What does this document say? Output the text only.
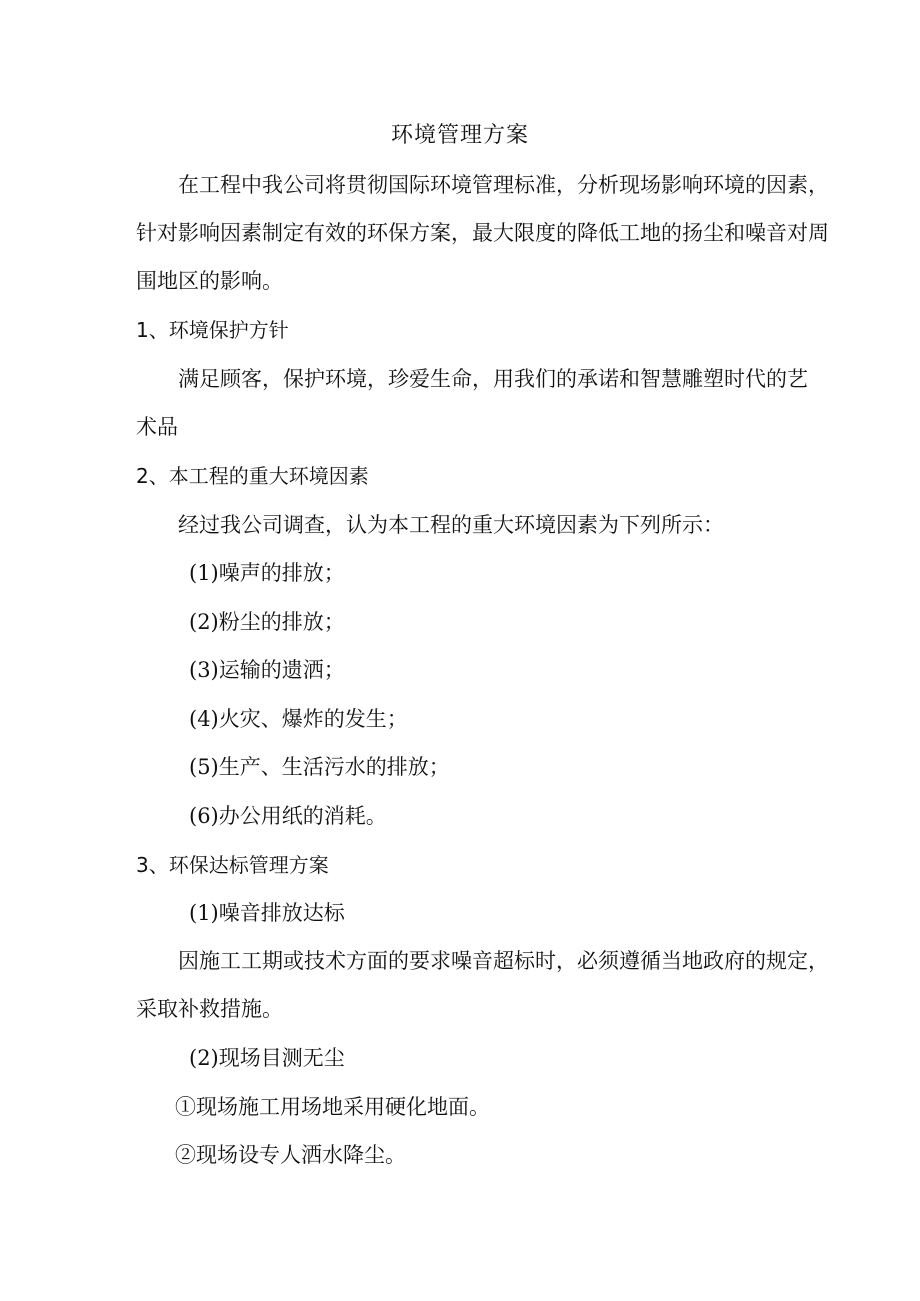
环境管理方案
在工程中我公司将贯彻国际环境管理标准，分析现场影响环境的因素，
针对影响因素制定有效的环保方案，最大限度的降低工地的扬尘和噪音对周
围地区的影响。
1、环境保护方针
满足顾客，保护环境，珍爱生命，用我们的承诺和智慧雕塑时代的艺
术品
2、本工程的重大环境因素
经过我公司调查，认为本工程的重大环境因素为下列所示：
(1)噪声的排放；
(2)粉尘的排放；
(3)运输的遗洒；
(4)火灾、爆炸的发生；
(5)生产、生活污水的排放；
(6)办公用纸的消耗。
3、环保达标管理方案
(1)噪音排放达标
因施工工期或技术方面的要求噪音超标时，必须遵循当地政府的规定，
采取补救措施。
(2)现场目测无尘
①现场施工用场地采用硬化地面。
②现场设专人洒水降尘。
